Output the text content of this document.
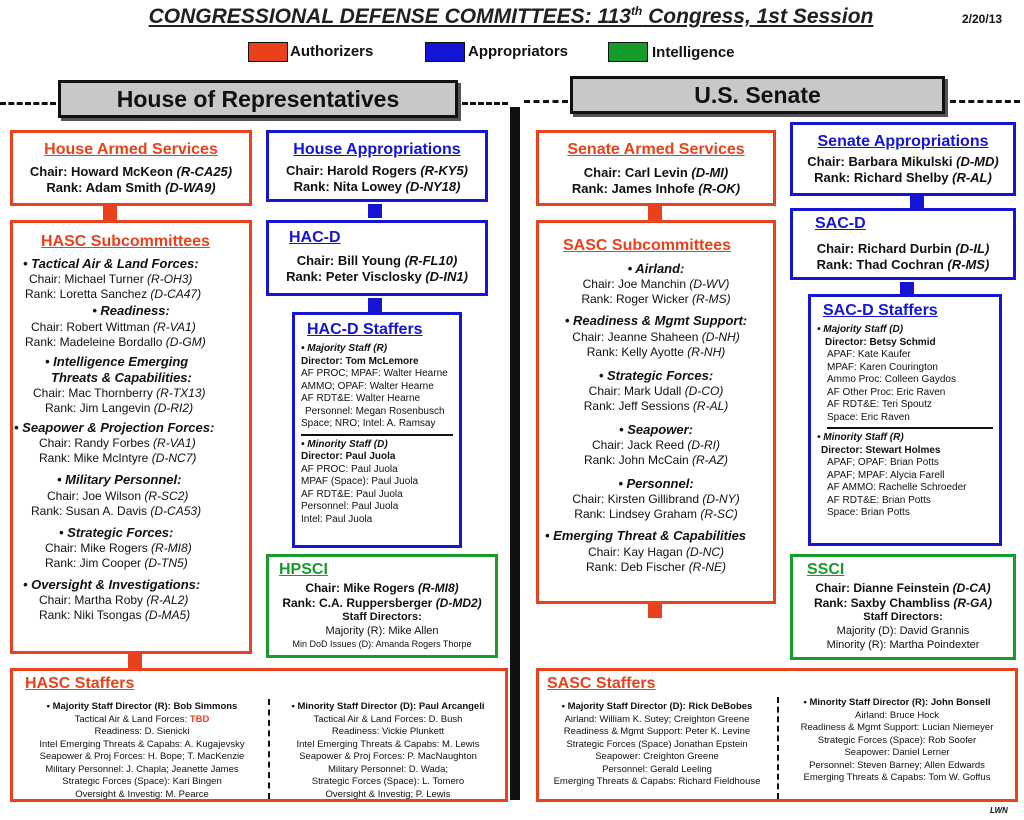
CONGRESSIONAL DEFENSE COMMITTEES: 113th Congress, 1st Session	2/20/13
Authorizers	Appropriators	Intelligence
House of Representatives	U.S. Senate
House Armed Services
Chair: Howard McKeon (R-CA25)
Rank: Adam Smith (D-WA9)
House Appropriations
Chair: Harold Rogers (R-KY5)
Rank: Nita Lowey (D-NY18)
HASC Subcommittees
• Tactical Air & Land Forces:
Chair: Michael Turner (R-OH3)
Rank: Loretta Sanchez (D-CA47)
• Readiness:
Chair: Robert Wittman (R-VA1)
Rank: Madeleine Bordallo (D-GM)
• Intelligence Emerging
Threats & Capabilities:
Chair: Mac Thornberry (R-TX13)
Rank: Jim Langevin (D-RI2)
• Seapower & Projection Forces:
Chair: Randy Forbes (R-VA1)
Rank: Mike McIntyre (D-NC7)
• Military Personnel:
Chair: Joe Wilson (R-SC2)
Rank: Susan A. Davis (D-CA53)
• Strategic Forces:
Chair: Mike Rogers (R-MI8)
Rank: Jim Cooper (D-TN5)
• Oversight & Investigations:
Chair: Martha Roby (R-AL2)
Rank: Niki Tsongas (D-MA5)
HAC-D
Chair: Bill Young (R-FL10)
Rank: Peter Visclosky (D-IN1)
HAC-D Staffers
• Majority Staff (R)
Director: Tom McLemore
AF PROC; MPAF: Walter Hearne
AMMO; OPAF: Walter Hearne
AF RDT&E: Walter Hearne
Personnel: Megan Rosenbusch
Space; NRO; Intel: A. Ramsay
• Minority Staff (D)
Director: Paul Juola
AF PROC: Paul Juola
MPAF (Space): Paul Juola
AF RDT&E: Paul Juola
Personnel: Paul Juola
Intel: Paul Juola
HPSCI
Chair: Mike Rogers (R-MI8)
Rank: C.A. Ruppersberger (D-MD2)
Staff Directors:
Majority (R): Mike Allen
Min DoD Issues (D): Amanda Rogers Thorpe
HASC Staffers
• Majority Staff Director (R): Bob Simmons
Tactical Air & Land Forces: TBD
Readiness: D. Sienicki
Intel Emerging Threats & Capabs: A. Kugajevsky
Seapower & Proj Forces: H. Bope; T. MacKenzie
Military Personnel: J. Chapla; Jeanette James
Strategic Forces (Space): Kari Bingen
Oversight & Investig: M. Pearce
• Minority Staff Director (D): Paul Arcangeli
Tactical Air & Land Forces: D. Bush
Readiness: Vickie Plunkett
Intel Emerging Threats & Capabs: M. Lewis
Seapower & Proj Forces: P. MacNaughton
Military Personnel: D. Wada;
Strategic Forces (Space): L. Tomero
Oversight & Investig; P. Lewis
Senate Armed Services
Chair: Carl Levin (D-MI)
Rank: James Inhofe (R-OK)
Senate Appropriations
Chair: Barbara Mikulski (D-MD)
Rank: Richard Shelby (R-AL)
SASC Subcommittees
• Airland:
Chair: Joe Manchin (D-WV)
Rank: Roger Wicker (R-MS)
• Readiness & Mgmt Support:
Chair: Jeanne Shaheen (D-NH)
Rank: Kelly Ayotte (R-NH)
• Strategic Forces:
Chair: Mark Udall (D-CO)
Rank: Jeff Sessions (R-AL)
• Seapower:
Chair: Jack Reed (D-RI)
Rank: John McCain (R-AZ)
• Personnel:
Chair: Kirsten Gillibrand (D-NY)
Rank: Lindsey Graham (R-SC)
• Emerging Threat & Capabilities
Chair: Kay Hagan (D-NC)
Rank: Deb Fischer (R-NE)
SAC-D
Chair: Richard Durbin (D-IL)
Rank: Thad Cochran (R-MS)
SAC-D Staffers
• Majority Staff (D)
Director: Betsy Schmid
APAF: Kate Kaufer
MPAF: Karen Courington
Ammo Proc: Colleen Gaydos
AF Other Proc: Eric Raven
AF RDT&E: Teri Spoutz
Space: Eric Raven
• Minority Staff (R)
Director: Stewart Holmes
APAF; OPAF: Brian Potts
APAF; MPAF: Alycia Farell
AF AMMO: Rachelle Schroeder
AF RDT&E: Brian Potts
Space: Brian Potts
SSCI
Chair: Dianne Feinstein (D-CA)
Rank: Saxby Chambliss (R-GA)
Staff Directors:
Majority (D): David Grannis
Minority (R): Martha Poindexter
SASC Staffers
• Majority Staff Director (D): Rick DeBobes
Airland: William K. Sutey; Creighton Greene
Readiness & Mgmt Support: Peter K. Levine
Strategic Forces (Space) Jonathan Epstein
Seapower: Creighton Greene
Personnel: Gerald Leeling
Emerging Threats & Capabs: Richard Fieldhouse
• Minority Staff Director (R): John Bonsell
Airland: Bruce Hock
Readiness & Mgmt Support: Lucian Niemeyer
Strategic Forces (Space): Rob Soofer
Seapower: Daniel Lerner
Personnel: Steven Barney; Allen Edwards
Emerging Threats & Capabs: Tom W. Goffus
LWN
